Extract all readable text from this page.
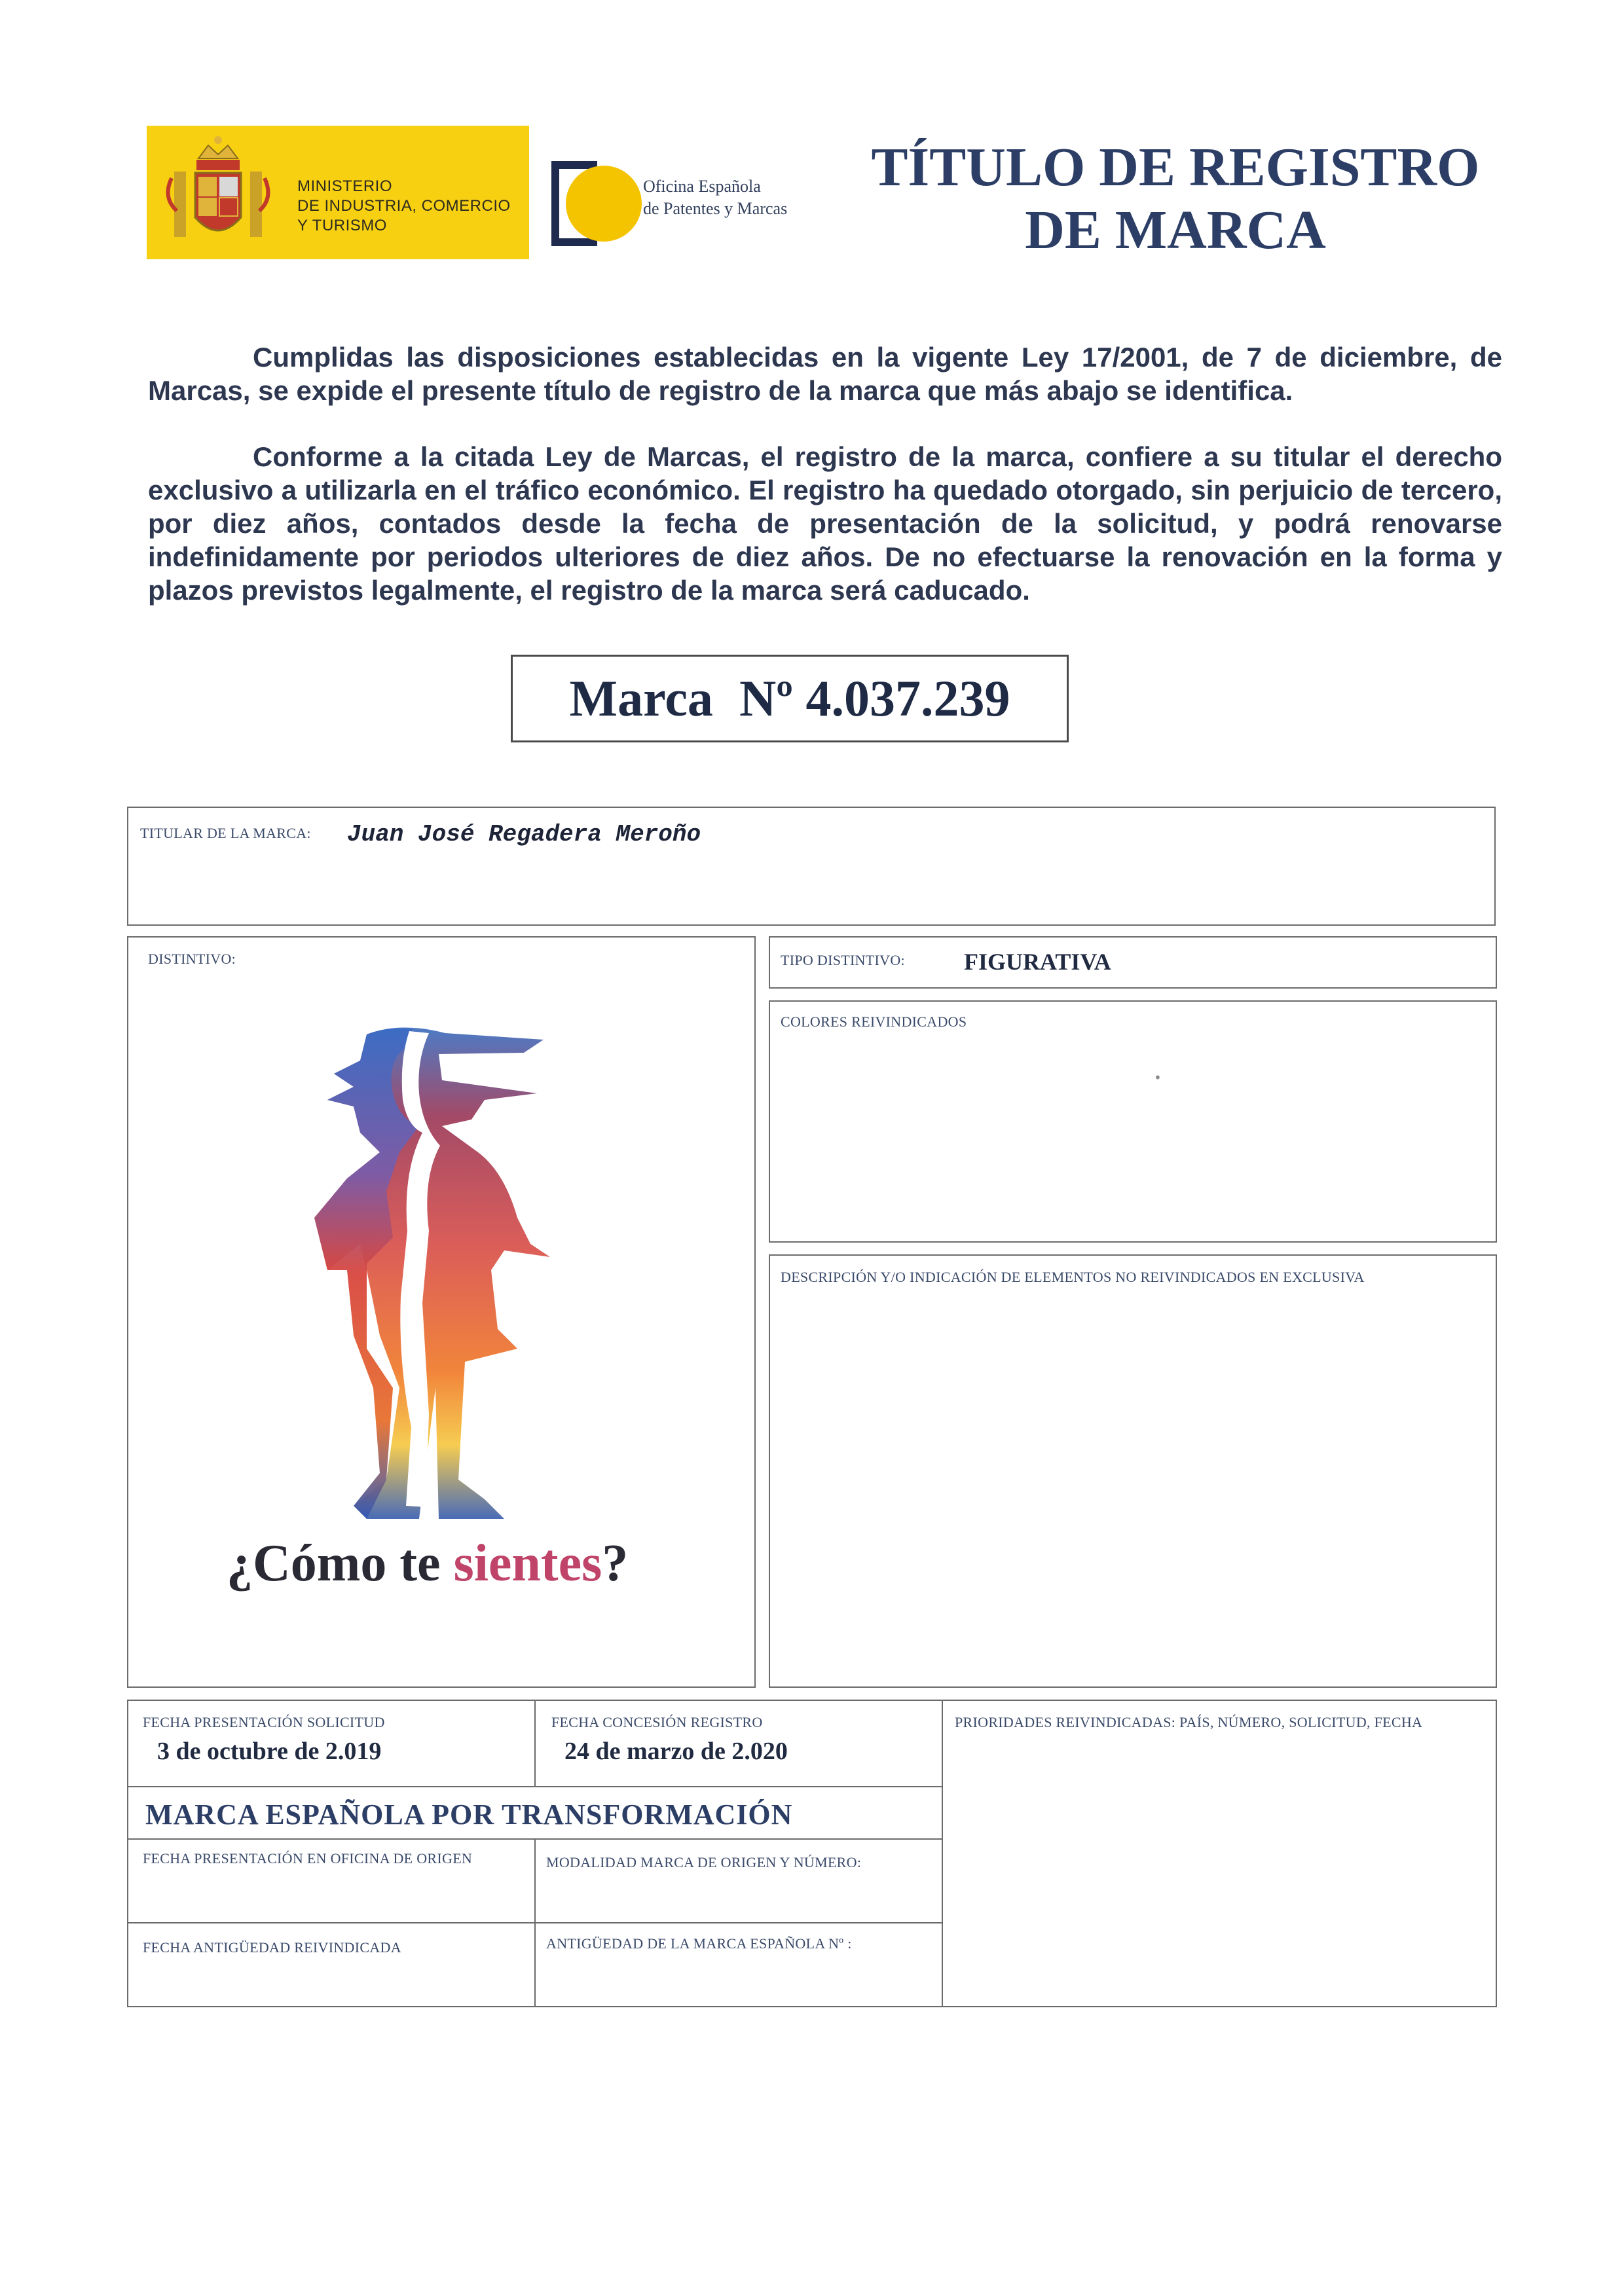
MINISTERIO
DE INDUSTRIA, COMERCIO
Y TURISMO
Oficina Española
de Patentes y Marcas
TÍTULO DE REGISTRO
DE MARCA

Cumplidas las disposiciones establecidas en la vigente Ley 17/2001, de 7 de diciembre, de Marcas, se expide el presente título de registro de la marca que más abajo se identifica.

Conforme a la citada Ley de Marcas, el registro de la marca, confiere a su titular el derecho exclusivo a utilizarla en el tráfico económico. El registro ha quedado otorgado, sin perjuicio de tercero, por diez años, contados desde la fecha de presentación de la solicitud, y podrá renovarse indefinidamente por periodos ulteriores de diez años. De no efectuarse la renovación en la forma y plazos previstos legalmente, el registro de la marca será caducado.

Marca Nº 4.037.239
TITULAR DE LA MARCA: Juan José Regadera Meroño
DISTINTIVO:
¿Cómo te sientes?
TIPO DISTINTIVO:	FIGURATIVA
COLORES REIVINDICADOS
•
DESCRIPCIÓN Y/O INDICACIÓN DE ELEMENTOS NO REIVINDICADOS EN EXCLUSIVA
FECHA PRESENTACIÓN SOLICITUD
3 de octubre de 2.019
FECHA CONCESIÓN REGISTRO
24 de marzo de 2.020
PRIORIDADES REIVINDICADAS: PAÍS, NÚMERO, SOLICITUD, FECHA
MARCA ESPAÑOLA POR TRANSFORMACIÓN
FECHA PRESENTACIÓN EN OFICINA DE ORIGEN	MODALIDAD MARCA DE ORIGEN Y NÚMERO:
FECHA ANTIGÜEDAD REIVINDICADA	ANTIGÜEDAD DE LA MARCA ESPAÑOLA Nº :
